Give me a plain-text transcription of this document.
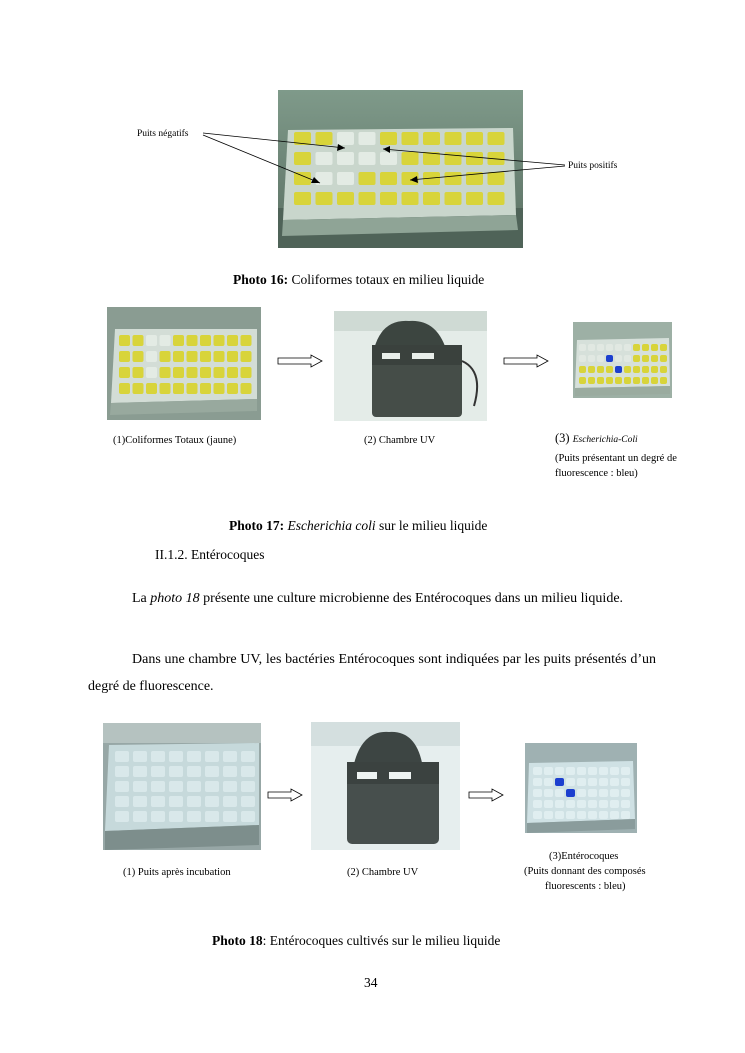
Puits négatifs
Puits positifs
Photo 16: Coliformes totaux en milieu liquide
(1)Coliformes Totaux (jaune)	(2) Chambre UV	(3) Escherichia-Coli
(Puits présentant un degré de
fluorescence : bleu)
Photo 17: Escherichia coli sur le milieu liquide
II.1.2. Entérocoques
La photo 18 présente une culture microbienne des Entérocoques dans un milieu liquide.
Dans une chambre UV, les bactéries Entérocoques sont indiquées par les puits présentés d’un degré de fluorescence.
(1) Puits après incubation	(2) Chambre UV
(3)Entérocoques
(Puits donnant des composés
fluorescents : bleu)
Photo 18: Entérocoques cultivés sur le milieu liquide
34
